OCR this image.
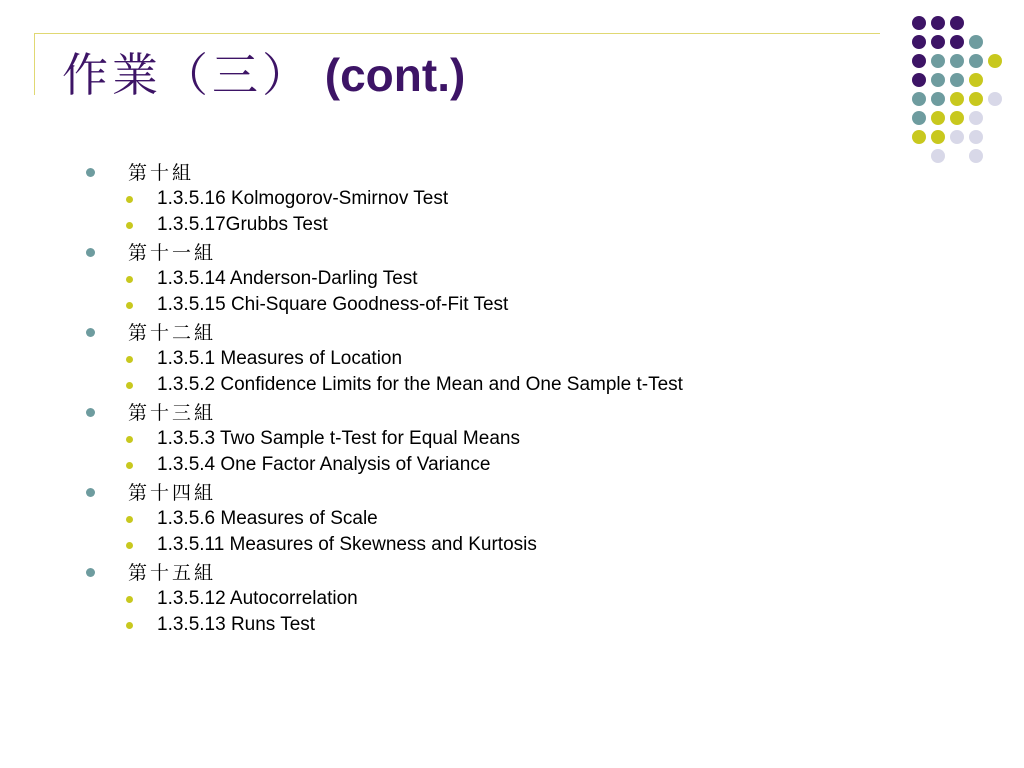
作業（三） (cont.)
第十組
1.3.5.16 Kolmogorov-Smirnov Test
1.3.5.17Grubbs Test
第十一組
1.3.5.14 Anderson-Darling Test
1.3.5.15 Chi-Square Goodness-of-Fit Test
第十二組
1.3.5.1 Measures of Location
1.3.5.2 Confidence Limits for the Mean and One Sample t-Test
第十三組
1.3.5.3 Two Sample t-Test for Equal Means
1.3.5.4 One Factor Analysis of Variance
第十四組
1.3.5.6 Measures of Scale
1.3.5.11 Measures of Skewness and Kurtosis
第十五組
1.3.5.12 Autocorrelation
1.3.5.13 Runs Test
